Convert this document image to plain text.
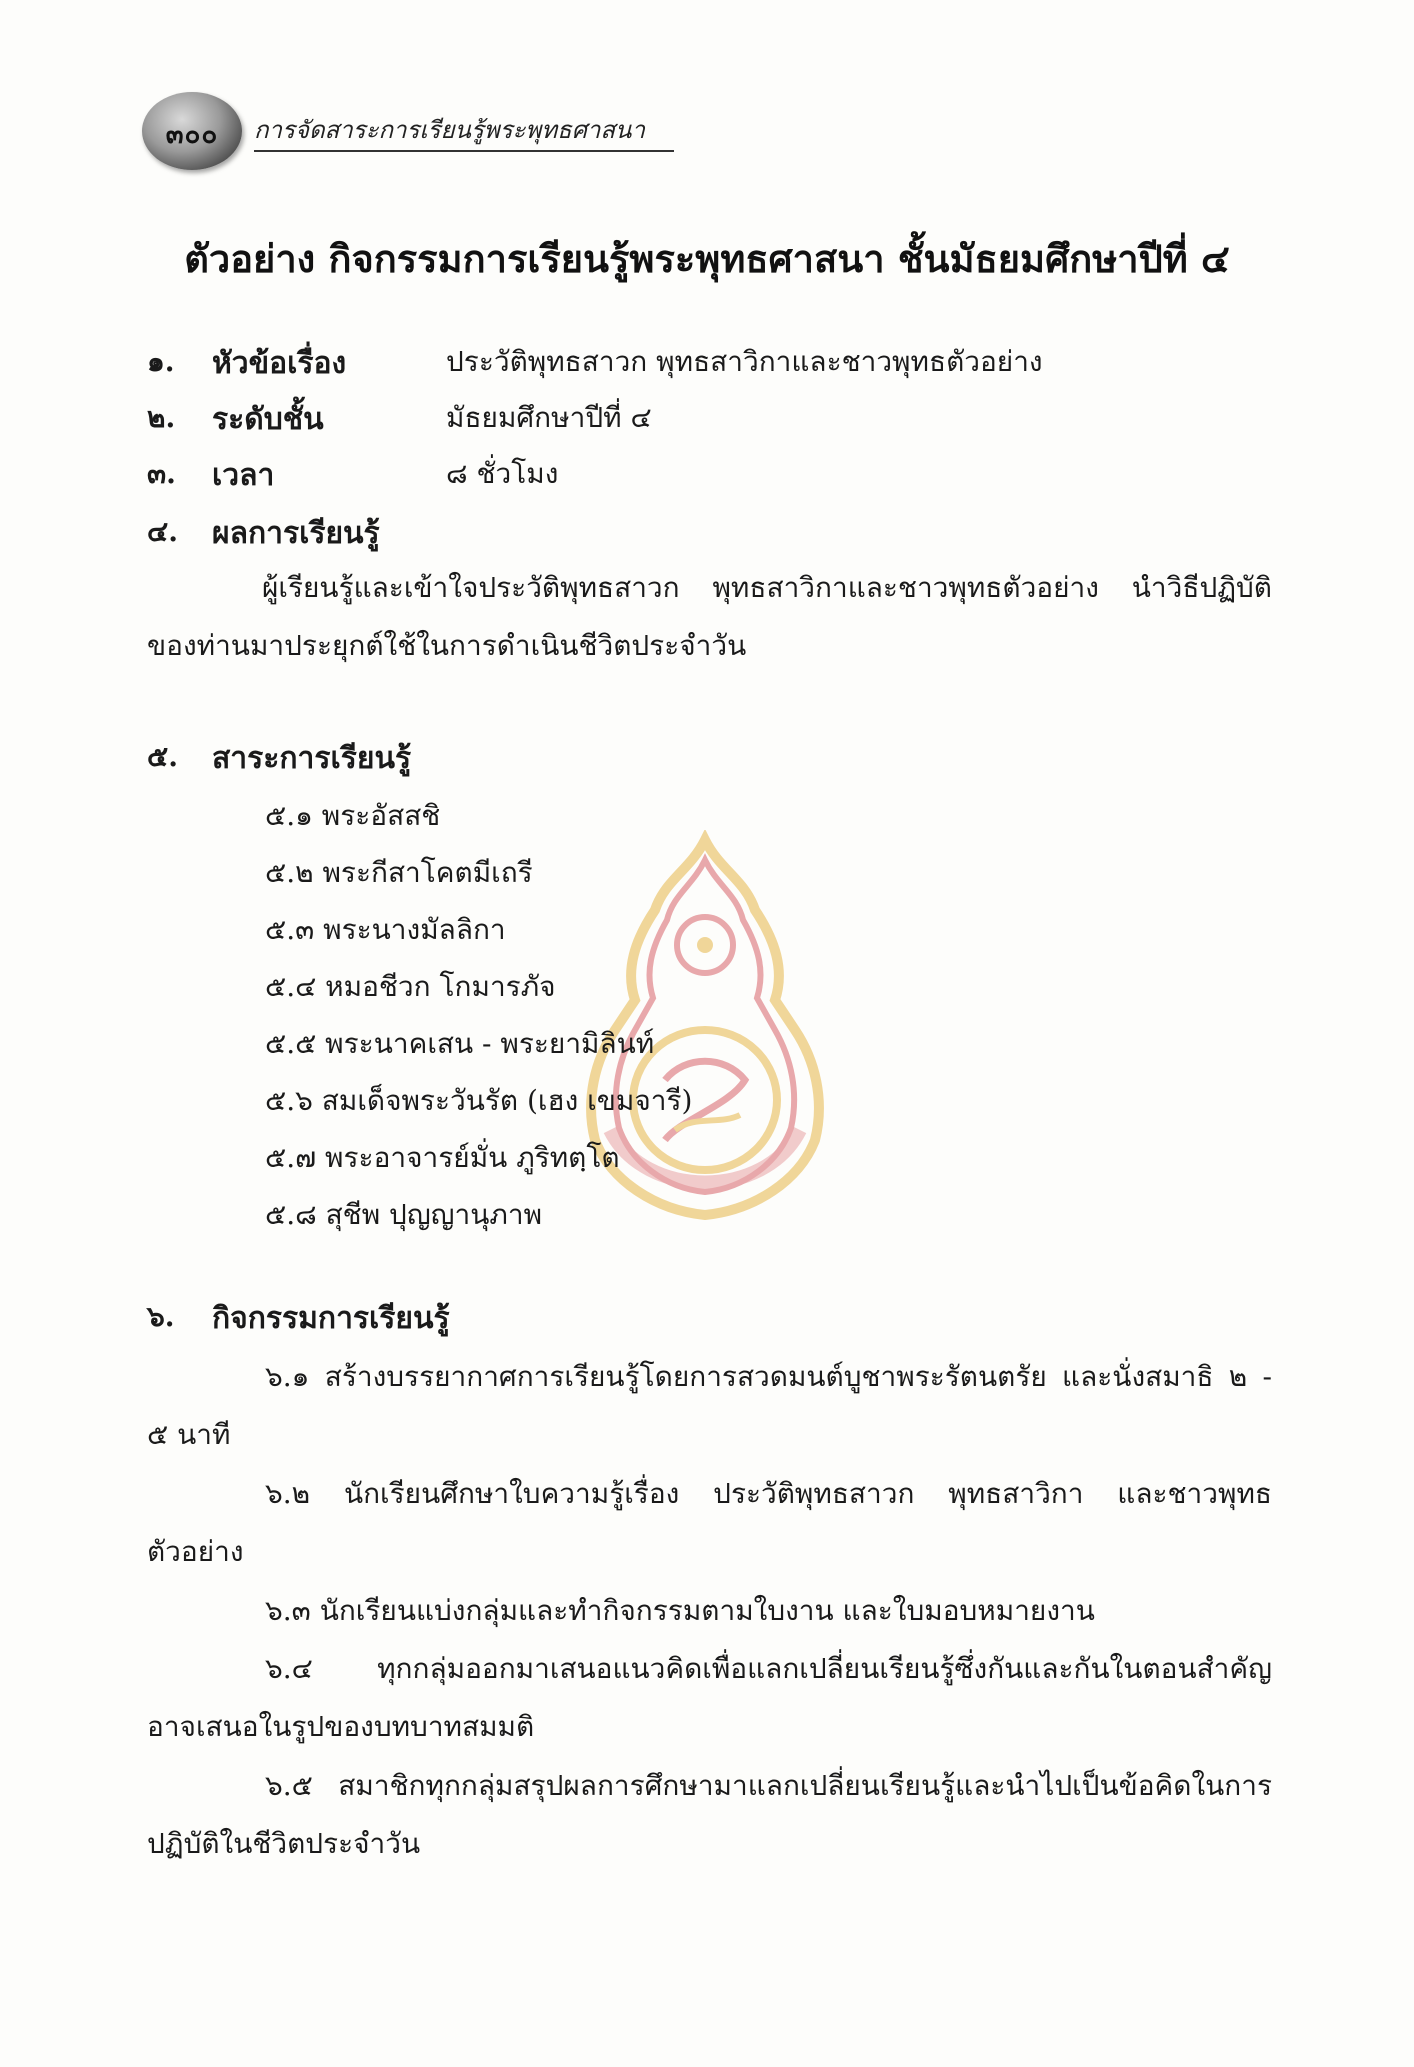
๓๐๐	การจัดสาระการเรียนรู้พระพุทธศาสนา
ตัวอย่าง กิจกรรมการเรียนรู้พระพุทธศาสนา ชั้นมัธยมศึกษาปีที่ ๔
๑. หัวข้อเรื่อง	ประวัติพุทธสาวก พุทธสาวิกาและชาวพุทธตัวอย่าง
๒. ระดับชั้น	มัธยมศึกษาปีที่ ๔
๓. เวลา	๘ ชั่วโมง
๔. ผลการเรียนรู้
ผู้เรียนรู้และเข้าใจประวัติพุทธสาวก พุทธสาวิกาและชาวพุทธตัวอย่าง นำวิธีปฏิบัติ
ของท่านมาประยุกต์ใช้ในการดำเนินชีวิตประจำวัน
๕. สาระการเรียนรู้
๕.๑ พระอัสสชิ
๕.๒ พระกีสาโคตมีเถรี
๕.๓ พระนางมัลลิกา
๕.๔ หมอชีวก โกมารภัจ
๕.๕ พระนาคเสน - พระยามิลินท์
๕.๖ สมเด็จพระวันรัต (เฮง เขมจารี)
๕.๗ พระอาจารย์มั่น ภูริทตฺโต
๕.๘ สุชีพ ปุญญานุภาพ
๖. กิจกรรมการเรียนรู้
๖.๑ สร้างบรรยากาศการเรียนรู้โดยการสวดมนต์บูชาพระรัตนตรัย และนั่งสมาธิ ๒ -
๕ นาที
๖.๒ นักเรียนศึกษาใบความรู้เรื่อง ประวัติพุทธสาวก พุทธสาวิกา และชาวพุทธ
ตัวอย่าง
๖.๓ นักเรียนแบ่งกลุ่มและทำกิจกรรมตามใบงาน และใบมอบหมายงาน
๖.๔ ทุกกลุ่มออกมาเสนอแนวคิดเพื่อแลกเปลี่ยนเรียนรู้ซึ่งกันและกันในตอนสำคัญ
อาจเสนอในรูปของบทบาทสมมติ
๖.๕ สมาชิกทุกกลุ่มสรุปผลการศึกษามาแลกเปลี่ยนเรียนรู้และนำไปเป็นข้อคิดในการ
ปฏิบัติในชีวิตประจำวัน
